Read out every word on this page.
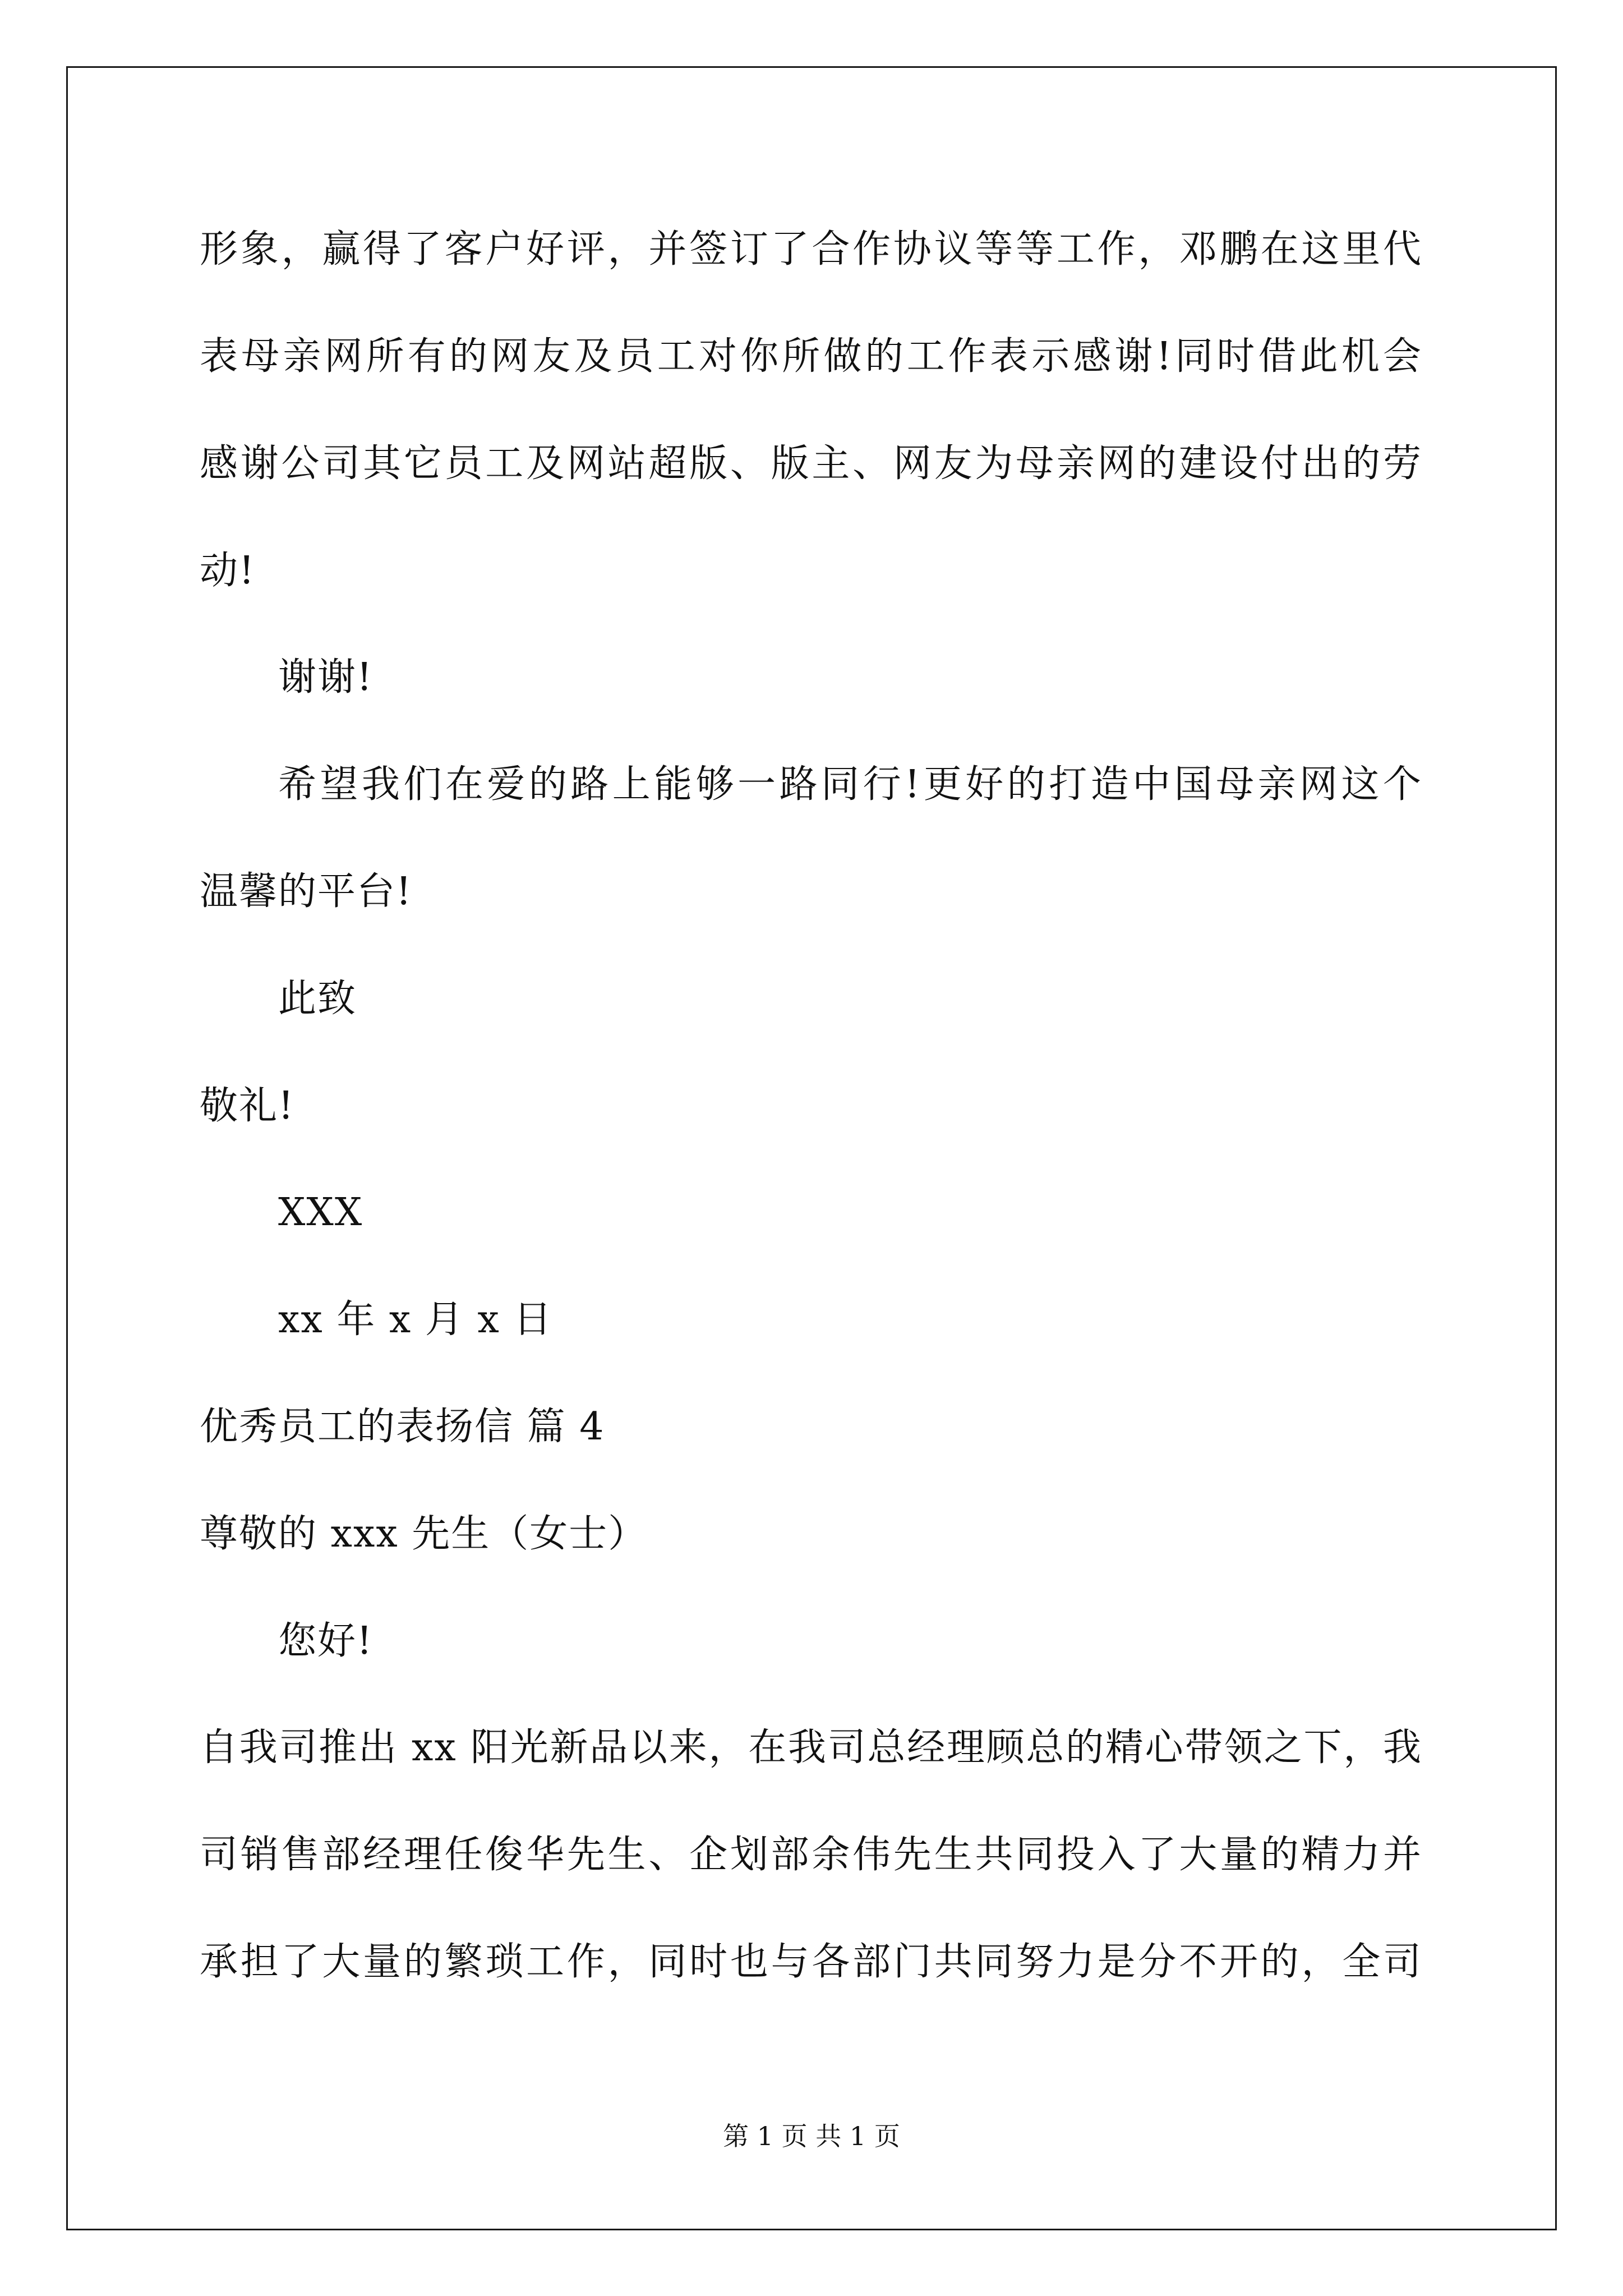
形象，赢得了客户好评，并签订了合作协议等等工作，邓鹏在这里代
表母亲网所有的网友及员工对你所做的工作表示感谢!同时借此机会
感谢公司其它员工及网站超版、版主、网友为母亲网的建设付出的劳
动!
谢谢!
希望我们在爱的路上能够一路同行!更好的打造中国母亲网这个
温馨的平台!
此致
敬礼!
XXX
xx 年 x 月 x 日
优秀员工的表扬信 篇 4
尊敬的 xxx 先生（女士）
您好!
自我司推出 xx 阳光新品以来，在我司总经理顾总的精心带领之下，我
司销售部经理任俊华先生、企划部余伟先生共同投入了大量的精力并
承担了大量的繁琐工作，同时也与各部门共同努力是分不开的，全司
第 1 页 共 1 页
